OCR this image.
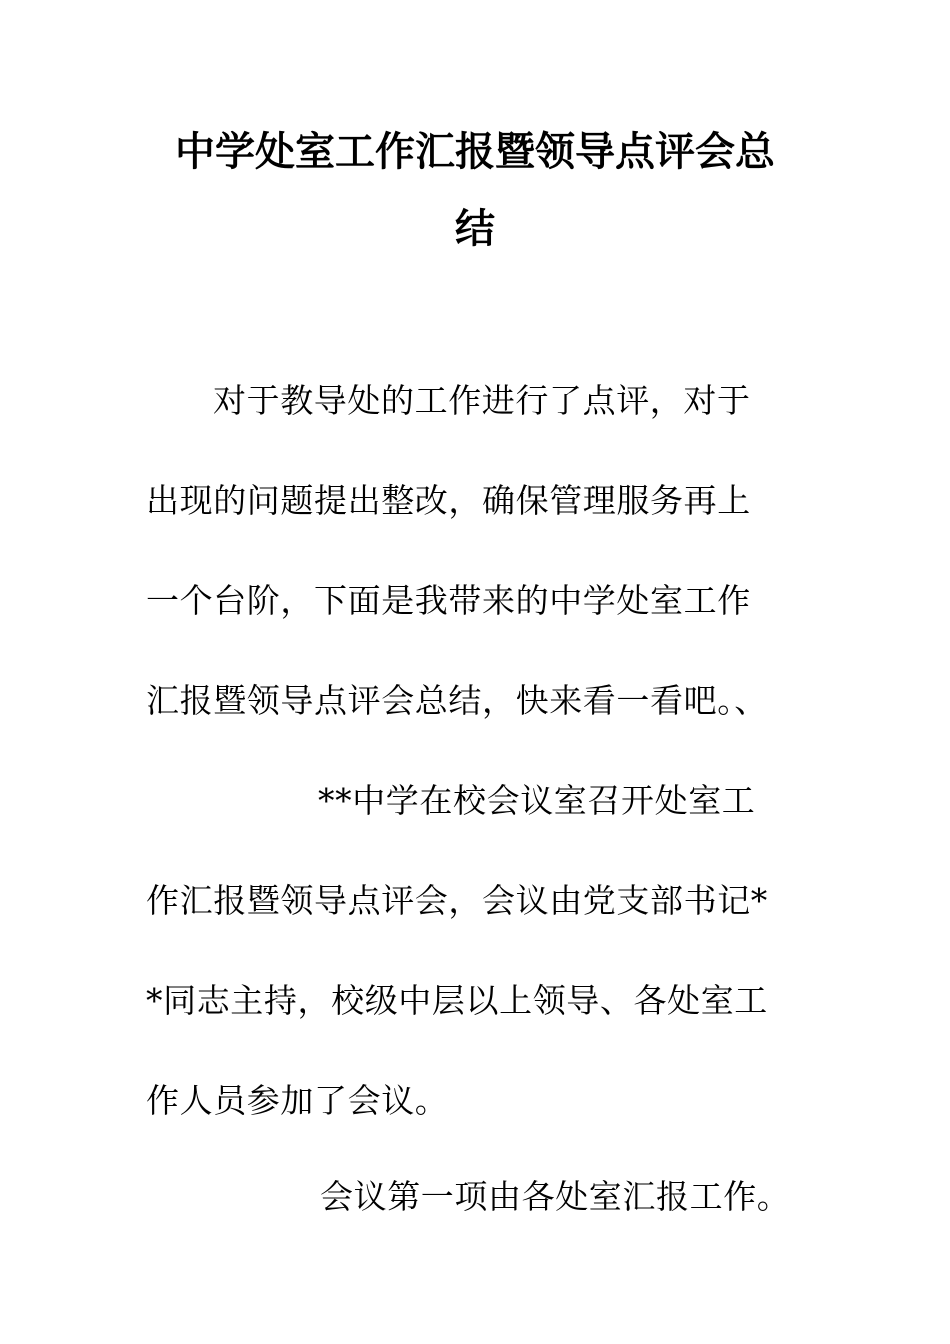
中学处室工作汇报暨领导点评会总
结
对于教导处的工作进行了点评，对于
出现的问题提出整改，确保管理服务再上
一个台阶，下面是我带来的中学处室工作
汇报暨领导点评会总结，快来看一看吧。、
**中学在校会议室召开处室工
作汇报暨领导点评会，会议由党支部书记*
*同志主持，校级中层以上领导、各处室工
作人员参加了会议。
会议第一项由各处室汇报工作。
